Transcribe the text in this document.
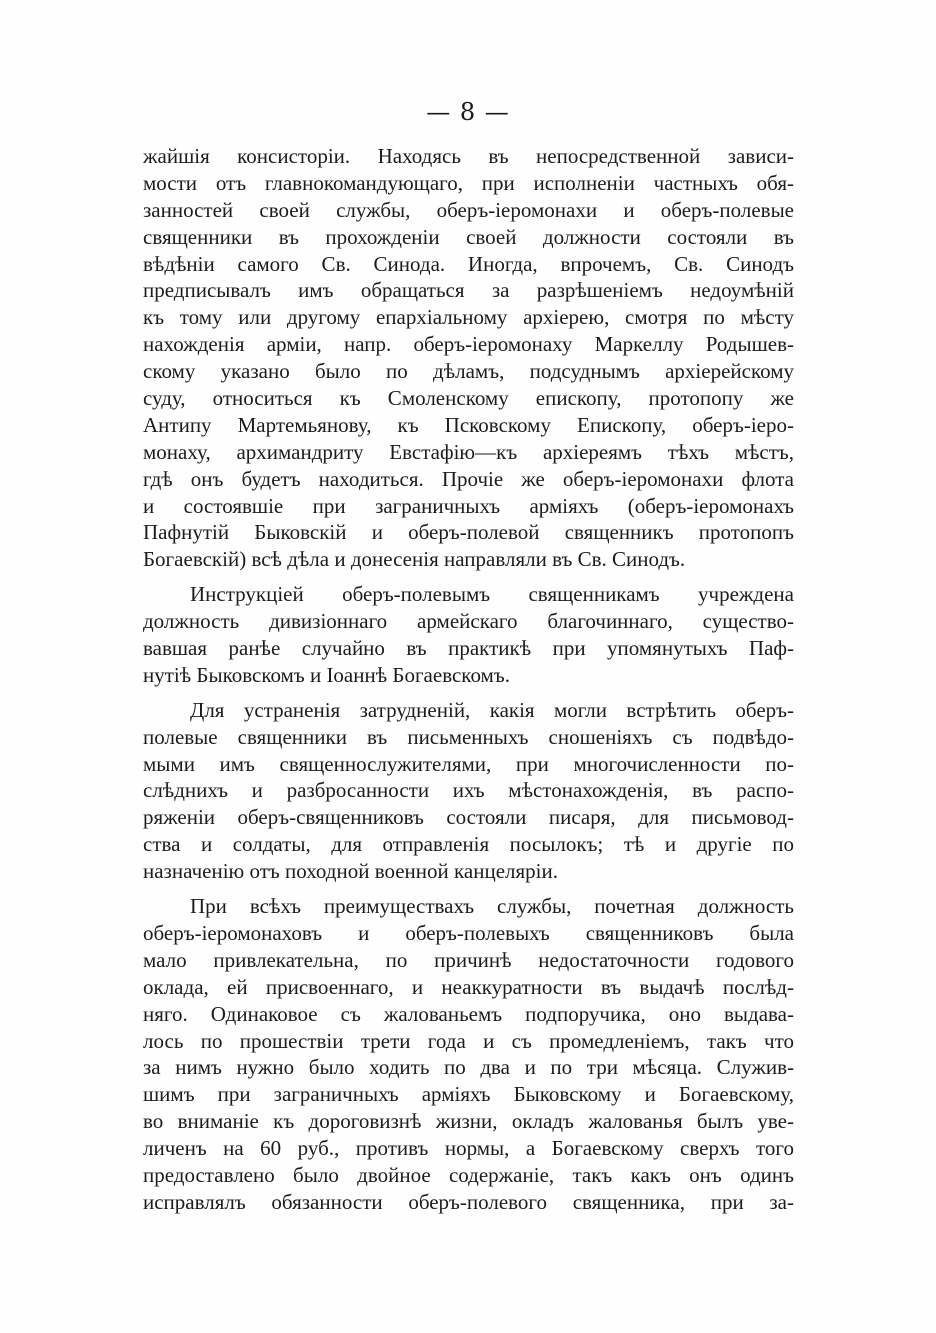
— 8 —
жайшія консисторіи. Находясь въ непосредственной зависи-
мости отъ главнокомандующаго, при исполненіи частныхъ обя-
занностей своей службы, оберъ-іеромонахи и оберъ-полевые
священники въ прохожденіи своей должности состояли въ
вѣдѣніи самого Св. Синода. Иногда, впрочемъ, Св. Синодъ
предписывалъ имъ обращаться за разрѣшеніемъ недоумѣній
къ тому или другому епархіальному архіерею, смотря по мѣсту
нахожденія арміи, напр. оберъ-іеромонаху Маркеллу Родышев-
скому указано было по дѣламъ, подсуднымъ архіерейскому
суду, относиться къ Смоленскому епископу, протопопу же
Антипу Мартемьянову, къ Псковскому Епископу, оберъ-іеро-
монаху, архимандриту Евстафію—къ архіереямъ тѣхъ мѣстъ,
гдѣ онъ будетъ находиться. Прочіе же оберъ-іеромонахи флота
и состоявшіе при заграничныхъ арміяхъ (оберъ-іеромонахъ
Пафнутій Быковскій и оберъ-полевой священникъ протопопъ
Богаевскій) всѣ дѣла и донесенія направляли въ Св. Синодъ.
Инструкціей оберъ-полевымъ священникамъ учреждена
должность дивизіоннаго армейскаго благочиннаго, существо-
вавшая ранѣе случайно въ практикѣ при упомянутыхъ Паф-
нутіѣ Быковскомъ и Іоаннѣ Богаевскомъ.
Для устраненія затрудненій, какія могли встрѣтить оберъ-
полевые священники въ письменныхъ сношеніяхъ съ подвѣдо-
мыми имъ священнослужителями, при многочисленности по-
слѣднихъ и разбросанности ихъ мѣстонахожденія, въ распо-
ряженіи оберъ-священниковъ состояли писаря, для письмовод-
ства и солдаты, для отправленія посылокъ; тѣ и другіе по
назначенію отъ походной военной канцеляріи.
При всѣхъ преимуществахъ службы, почетная должность
оберъ-іеромонаховъ и оберъ-полевыхъ священниковъ была
мало привлекательна, по причинѣ недостаточности годового
оклада, ей присвоеннаго, и неаккуратности въ выдачѣ послѣд-
няго. Одинаковое съ жалованьемъ подпоручика, оно выдава-
лось по прошествіи трети года и съ промедленіемъ, такъ что
за нимъ нужно было ходить по два и по три мѣсяца. Служив-
шимъ при заграничныхъ арміяхъ Быковскому и Богаевскому,
во вниманіе къ дороговизнѣ жизни, окладъ жалованья былъ уве-
личенъ на 60 руб., противъ нормы, а Богаевскому сверхъ того
предоставлено было двойное содержаніе, такъ какъ онъ одинъ
исправлялъ обязанности оберъ-полевого священника, при за-
